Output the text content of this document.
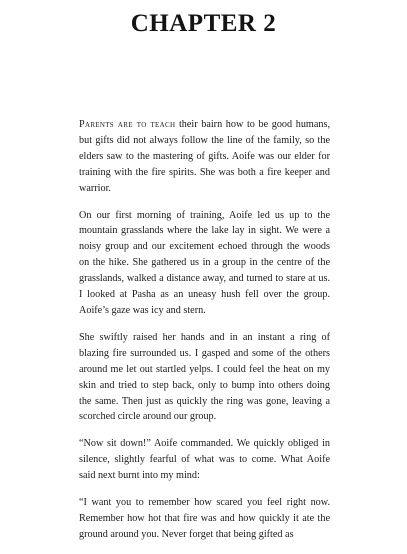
CHAPTER 2

Parents are to teach their bairn how to be good humans, but gifts did not always follow the line of the family, so the elders saw to the mastering of gifts. Aoife was our elder for training with the fire spirits. She was both a fire keeper and warrior.

On our first morning of training, Aoife led us up to the mountain grasslands where the lake lay in sight. We were a noisy group and our excitement echoed through the woods on the hike. She gathered us in a group in the centre of the grasslands, walked a distance away, and turned to stare at us. I looked at Pasha as an uneasy hush fell over the group. Aoife’s gaze was icy and stern.

She swiftly raised her hands and in an instant a ring of blazing fire surrounded us. I gasped and some of the others around me let out startled yelps. I could feel the heat on my skin and tried to step back, only to bump into others doing the same. Then just as quickly the ring was gone, leaving a scorched circle around our group.

“Now sit down!” Aoife commanded. We quickly obliged in silence, slightly fearful of what was to come. What Aoife said next burnt into my mind:

“I want you to remember how scared you feel right now. Remember how hot that fire was and how quickly it ate the ground around you. Never forget that being gifted as
